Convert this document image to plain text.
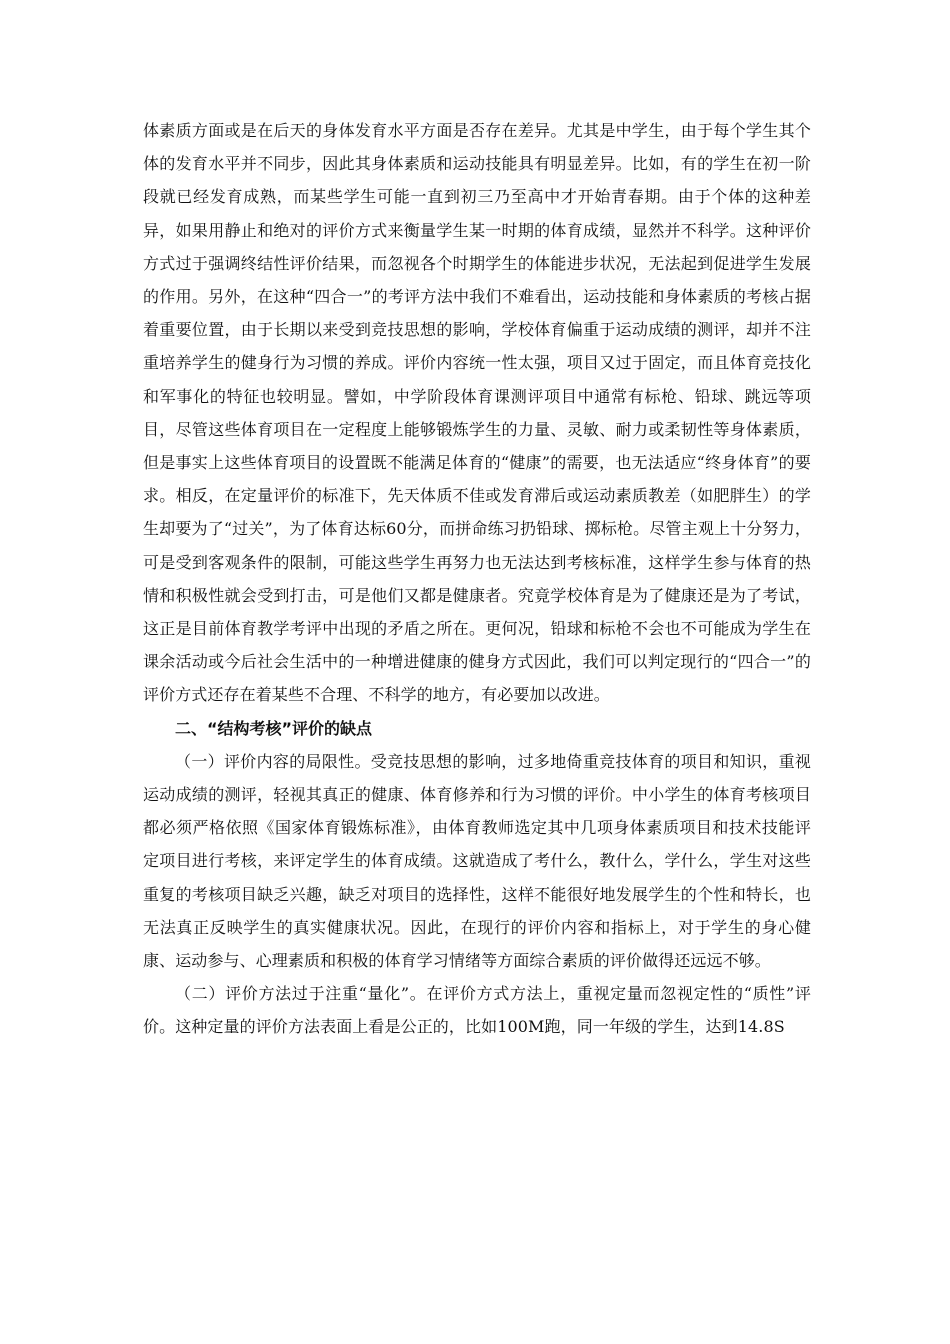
体素质方面或是在后天的身体发育水平方面是否存在差异。尤其是中学生，由于每个学生其个体的发育水平并不同步，因此其身体素质和运动技能具有明显差异。比如，有的学生在初一阶段就已经发育成熟，而某些学生可能一直到初三乃至高中才开始青春期。由于个体的这种差异，如果用静止和绝对的评价方式来衡量学生某一时期的体育成绩，显然并不科学。这种评价方式过于强调终结性评价结果，而忽视各个时期学生的体能进步状况，无法起到促进学生发展的作用。另外，在这种“四合一”的考评方法中我们不难看出，运动技能和身体素质的考核占据着重要位置，由于长期以来受到竞技思想的影响，学校体育偏重于运动成绩的测评，却并不注重培养学生的健身行为习惯的养成。评价内容统一性太强，项目又过于固定，而且体育竞技化和军事化的特征也较明显。譬如，中学阶段体育课测评项目中通常有标枪、铅球、跳远等项目，尽管这些体育项目在一定程度上能够锻炼学生的力量、灵敏、耐力或柔韧性等身体素质，但是事实上这些体育项目的设置既不能满足体育的“健康”的需要，也无法适应“终身体育”的要求。相反，在定量评价的标准下，先天体质不佳或发育滞后或运动素质教差（如肥胖生）的学生却要为了“过关”，为了体育达标60分，而拼命练习扔铅球、掷标枪。尽管主观上十分努力，可是受到客观条件的限制，可能这些学生再努力也无法达到考核标准，这样学生参与体育的热情和积极性就会受到打击，可是他们又都是健康者。究竟学校体育是为了健康还是为了考试，这正是目前体育教学考评中出现的矛盾之所在。更何况，铅球和标枪不会也不可能成为学生在课余活动或今后社会生活中的一种增进健康的健身方式因此，我们可以判定现行的“四合一”的评价方式还存在着某些不合理、不科学的地方，有必要加以改进。

二、“结构考核”评价的缺点

（一）评价内容的局限性。受竞技思想的影响，过多地倚重竞技体育的项目和知识，重视运动成绩的测评，轻视其真正的健康、体育修养和行为习惯的评价。中小学生的体育考核项目都必须严格依照《国家体育锻炼标准》，由体育教师选定其中几项身体素质项目和技术技能评定项目进行考核，来评定学生的体育成绩。这就造成了考什么，教什么，学什么，学生对这些重复的考核项目缺乏兴趣，缺乏对项目的选择性，这样不能很好地发展学生的个性和特长，也无法真正反映学生的真实健康状况。因此，在现行的评价内容和指标上，对于学生的身心健康、运动参与、心理素质和积极的体育学习情绪等方面综合素质的评价做得还远远不够。

（二）评价方法过于注重“量化”。在评价方式方法上，重视定量而忽视定性的“质性”评价。这种定量的评价方法表面上看是公正的，比如100M跑，同一年级的学生，达到14.8S
